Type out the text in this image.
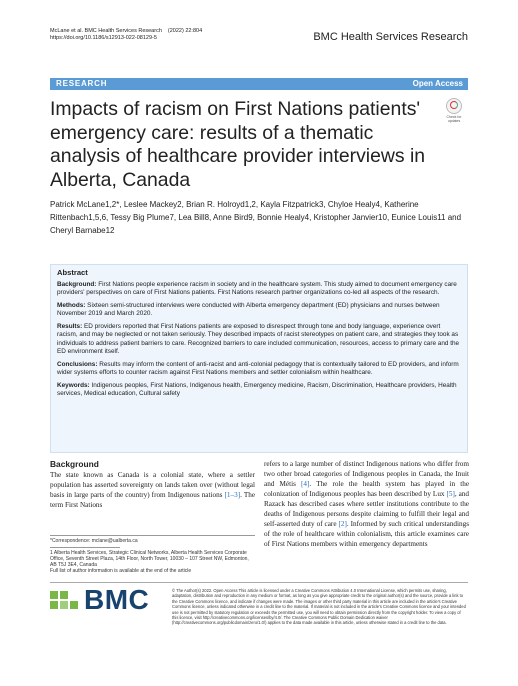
McLane et al. BMC Health Services Research (2022) 22:804
https://doi.org/10.1186/s12913-022-08129-5	BMC Health Services Research
RESEARCH	Open Access
Check for updates
Impacts of racism on First Nations patients' emergency care: results of a thematic analysis of healthcare provider interviews in Alberta, Canada
Patrick McLane1,2*, Leslee Mackey2, Brian R. Holroyd1,2, Kayla Fitzpatrick3, Chyloe Healy4, Katherine Rittenbach1,5,6, Tessy Big Plume7, Lea Bill8, Anne Bird9, Bonnie Healy4, Kristopher Janvier10, Eunice Louis11 and Cheryl Barnabe12
Abstract

Background: First Nations people experience racism in society and in the healthcare system. This study aimed to document emergency care providers' perspectives on care of First Nations patients. First Nations research partner organizations co-led all aspects of the research.

Methods: Sixteen semi-structured interviews were conducted with Alberta emergency department (ED) physicians and nurses between November 2019 and March 2020.

Results: ED providers reported that First Nations patients are exposed to disrespect through tone and body language, experience overt racism, and may be neglected or not taken seriously. They described impacts of racist stereotypes on patient care, and strategies they took as individuals to address patient barriers to care. Recognized barriers to care included communication, resources, access to primary care and the ED environment itself.

Conclusions: Results may inform the content of anti-racist and anti-colonial pedagogy that is contextually tailored to ED providers, and inform wider systems efforts to counter racism against First Nations members and settler colonialism within healthcare.

Keywords: Indigenous peoples, First Nations, Indigenous health, Emergency medicine, Racism, Discrimination, Healthcare providers, Health services, Medical education, Cultural safety

Background
The state known as Canada is a colonial state, where a settler population has asserted sovereignty on lands taken over (without legal basis in large parts of the country) from Indigenous nations [1–3]. The term First Nations
refers to a large number of distinct Indigenous nations who differ from two other broad categories of Indigenous peoples in Canada, the Inuit and Métis [4]. The role the health system has played in the colonization of Indigenous peoples has been described by Lux [5], and Razack has described cases where settler institutions contribute to the deaths of Indigenous persons despite claiming to fulfill their legal and self-asserted duty of care [2]. Informed by such critical understandings of the role of healthcare within colonialism, this article examines care of First Nations members within emergency departments
*Correspondence: mclane@ualberta.ca
1 Alberta Health Services, Strategic Clinical Networks, Alberta Health Services Corporate Office, Seventh Street Plaza, 14th Floor, North Tower, 10030 – 107 Street NW, Edmonton, AB T5J 3E4, Canada
Full list of author information is available at the end of the article
BMC	© The Author(s) 2022. Open Access This article is licensed under a Creative Commons Attribution 4.0 International License, which permits use, sharing, adaptation, distribution and reproduction in any medium or format, as long as you give appropriate credit to the original author(s) and the source, provide a link to the Creative Commons licence, and indicate if changes were made. The images or other third party material in this article are included in the article's Creative Commons licence, unless indicated otherwise in a credit line to the material. If material is not included in the article's Creative Commons licence and your intended use is not permitted by statutory regulation or exceeds the permitted use, you will need to obtain permission directly from the copyright holder. To view a copy of this licence, visit http://creativecommons.org/licenses/by/4.0/. The Creative Commons Public Domain Dedication waiver (http://creativecommons.org/publicdomain/zero/1.0/) applies to the data made available in this article, unless otherwise stated in a credit line to the data.
